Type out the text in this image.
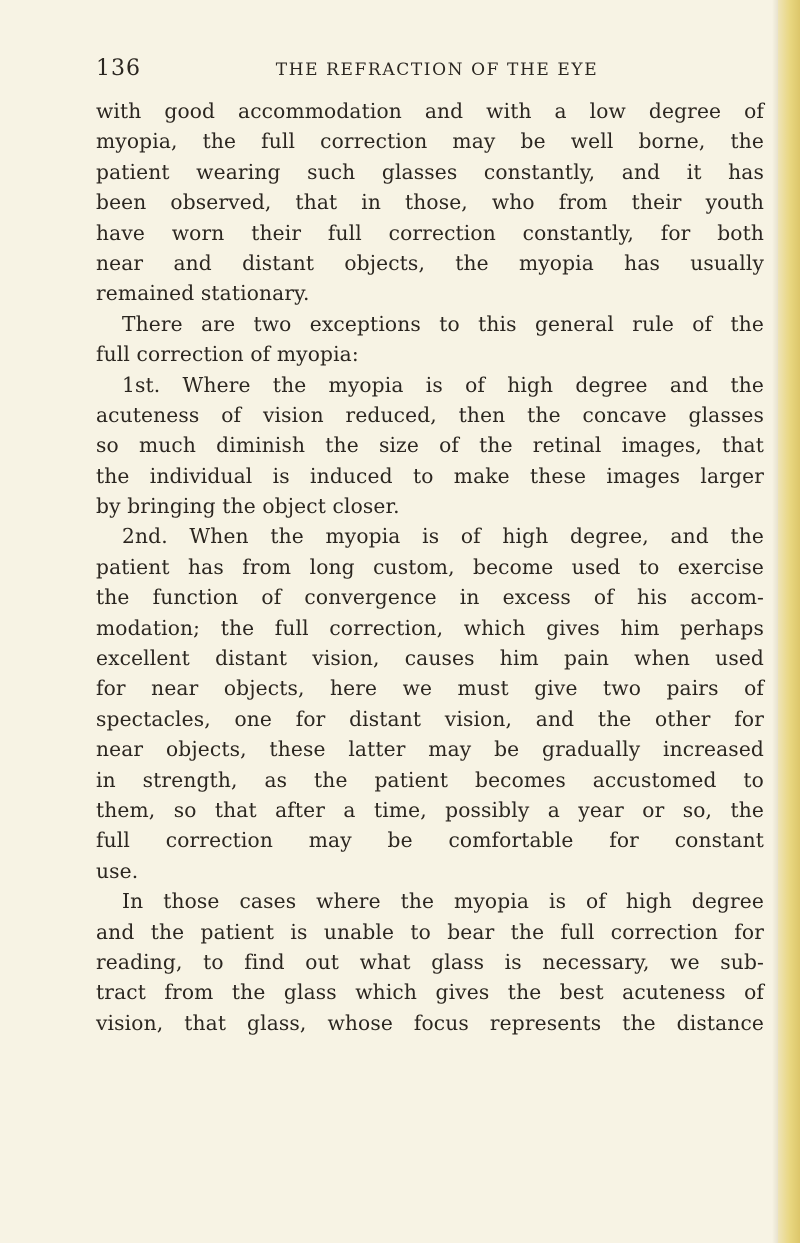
136	THE REFRACTION OF THE EYE
with good accommodation and with a low degree of
myopia, the full correction may be well borne, the
patient wearing such glasses constantly, and it has
been observed, that in those, who from their youth
have worn their full correction constantly, for both
near and distant objects, the myopia has usually
remained stationary.
There are two exceptions to this general rule of the
full correction of myopia:
1st. Where the myopia is of high degree and the
acuteness of vision reduced, then the concave glasses
so much diminish the size of the retinal images, that
the individual is induced to make these images larger
by bringing the object closer.
2nd. When the myopia is of high degree, and the
patient has from long custom, become used to exercise
the function of convergence in excess of his accom-
modation; the full correction, which gives him perhaps
excellent distant vision, causes him pain when used
for near objects, here we must give two pairs of
spectacles, one for distant vision, and the other for
near objects, these latter may be gradually increased
in strength, as the patient becomes accustomed to
them, so that after a time, possibly a year or so, the
full correction may be comfortable for constant
use.
In those cases where the myopia is of high degree
and the patient is unable to bear the full correction for
reading, to find out what glass is necessary, we sub-
tract from the glass which gives the best acuteness of
vision, that glass, whose focus represents the distance
